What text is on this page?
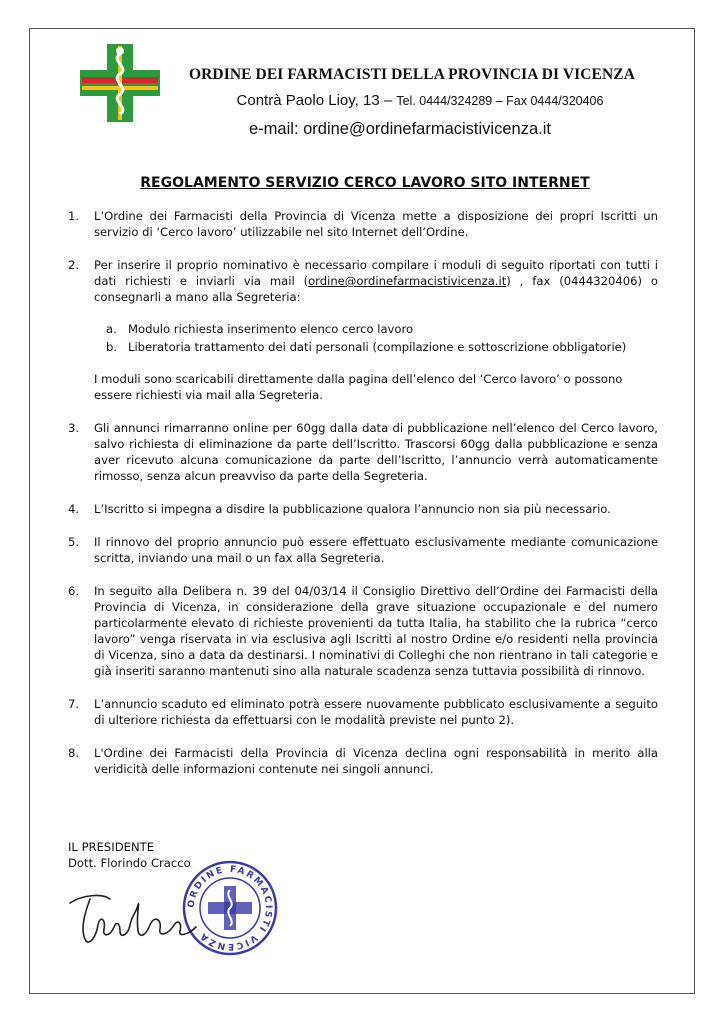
ORDINE DEI FARMACISTI DELLA PROVINCIA DI VICENZA
Contrà Paolo Lioy, 13 – Tel. 0444/324289 – Fax 0444/320406
e-mail: ordine@ordinefarmacistivicenza.it
REGOLAMENTO SERVIZIO CERCO LAVORO SITO INTERNET
1.	L’Ordine dei Farmacisti della Provincia di Vicenza mette a disposizione dei propri Iscritti un servizio di ‘Cerco lavoro’ utilizzabile nel sito Internet dell’Ordine.
2.	Per inserire il proprio nominativo è necessario compilare i moduli di seguito riportati con tutti i dati richiesti e inviarli via mail (ordine@ordinefarmacistivicenza.it) , fax (0444320406) o consegnarli a mano alla Segreteria:
a. Modulo richiesta inserimento elenco cerco lavoro
b. Liberatoria trattamento dei dati personali (compilazione e sottoscrizione obbligatorie)
I moduli sono scaricabili direttamente dalla pagina dell’elenco del ‘Cerco lavoro’ o possono essere richiesti via mail alla Segreteria.
3.	Gli annunci rimarranno online per 60gg dalla data di pubblicazione nell’elenco del Cerco lavoro, salvo richiesta di eliminazione da parte dell’Iscritto. Trascorsi 60gg dalla pubblicazione e senza aver ricevuto alcuna comunicazione da parte dell’Iscritto, l’annuncio verrà automaticamente rimosso, senza alcun preavviso da parte della Segreteria.
4.	L’Iscritto si impegna a disdire la pubblicazione qualora l’annuncio non sia più necessario.
5.	Il rinnovo del proprio annuncio può essere effettuato esclusivamente mediante comunicazione scritta, inviando una mail o un fax alla Segreteria.
6.	In seguito alla Delibera n. 39 del 04/03/14 il Consiglio Direttivo dell’Ordine dei Farmacisti della Provincia di Vicenza, in considerazione della grave situazione occupazionale e del numero particolarmente elevato di richieste provenienti da tutta Italia, ha stabilito che la rubrica “cerco lavoro” venga riservata in via esclusiva agli Iscritti al nostro Ordine e/o residenti nella provincia di Vicenza, sino a data da destinarsi. I nominativi di Colleghi che non rientrano in tali categorie e già inseriti saranno mantenuti sino alla naturale scadenza senza tuttavia possibilità di rinnovo.
7.	L’annuncio scaduto ed eliminato potrà essere nuovamente pubblicato esclusivamente a seguito di ulteriore richiesta da effettuarsi con le modalità previste nel punto 2).
8.	L'Ordine dei Farmacisti della Provincia di Vicenza declina ogni responsabilità in merito alla veridicità delle informazioni contenute nei singoli annunci.
IL PRESIDENTE
Dott. Florindo Cracco
ORDINE FARMACISTI VICENZA
